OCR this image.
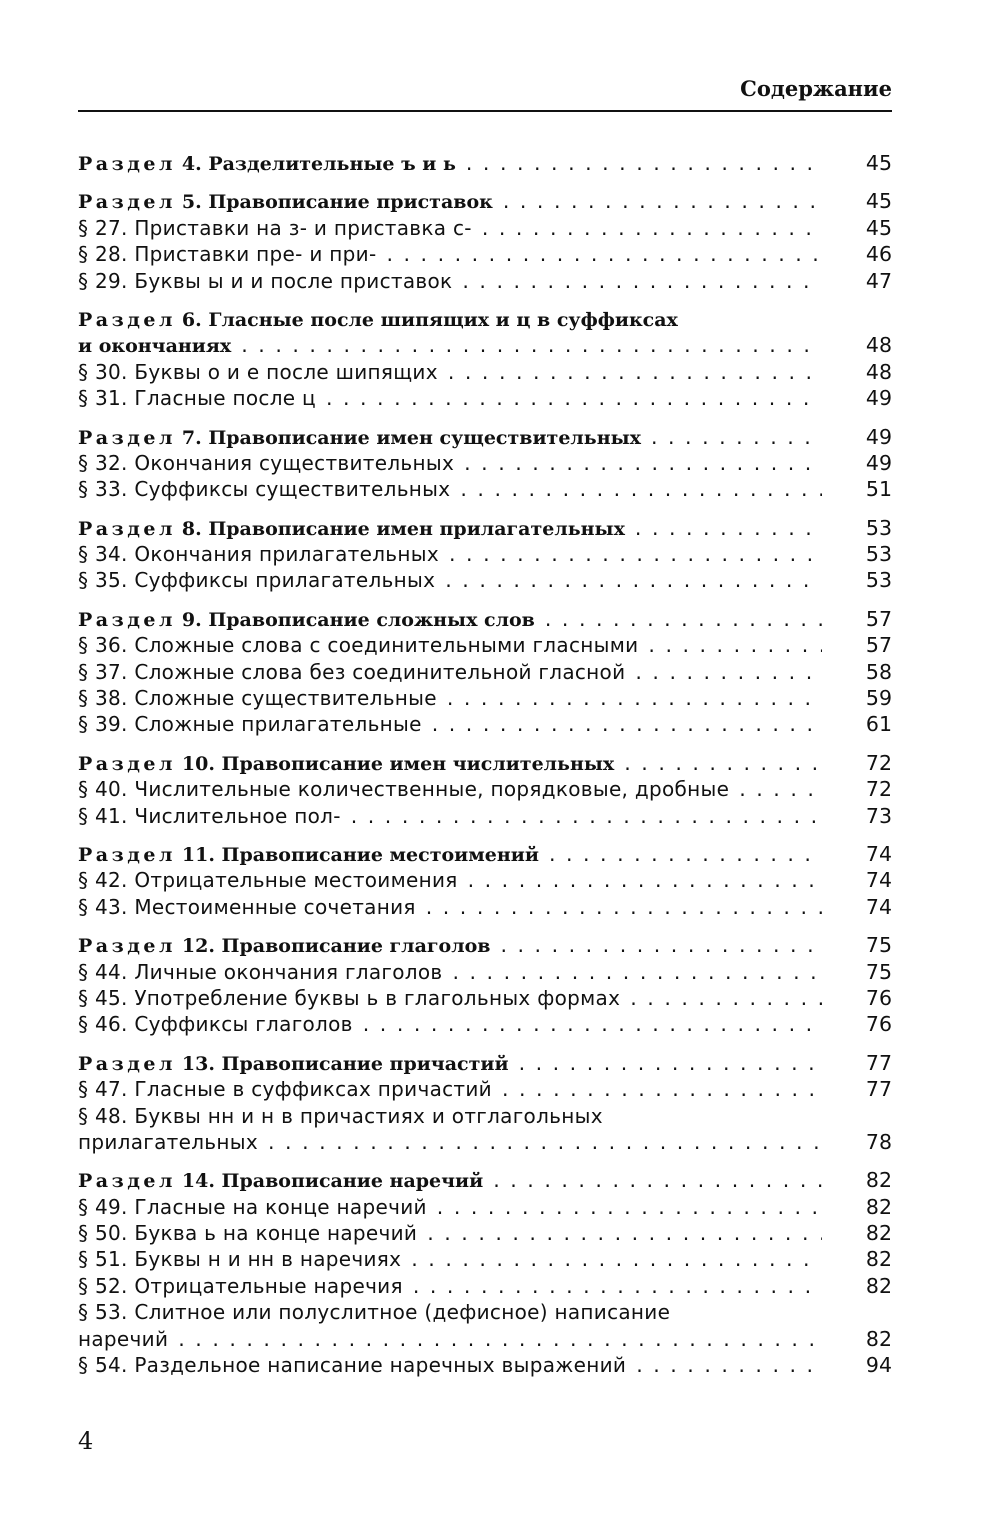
Содержание
Раздел 4. Разделительные ъ и ь . . .	45
Раздел 5. Правописание приставок . . .	45
§ 27. Приставки на з- и приставка с- . . .	45
§ 28. Приставки пре- и при- . . .	46
§ 29. Буквы ы и и после приставок . . .	47
Раздел 6. Гласные после шипящих и ц в суффиксах
и окончаниях . . .	48
§ 30. Буквы о и е после шипящих . . .	48
§ 31. Гласные после ц . . .	49
Раздел 7. Правописание имен существительных . . .	49
§ 32. Окончания существительных . . .	49
§ 33. Суффиксы существительных . . .	51
Раздел 8. Правописание имен прилагательных . . .	53
§ 34. Окончания прилагательных . . .	53
§ 35. Суффиксы прилагательных . . .	53
Раздел 9. Правописание сложных слов . . .	57
§ 36. Сложные слова с соединительными гласными . . .	57
§ 37. Сложные слова без соединительной гласной . . .	58
§ 38. Сложные существительные . . .	59
§ 39. Сложные прилагательные . . .	61
Раздел 10. Правописание имен числительных . . .	72
§ 40. Числительные количественные, порядковые, дробные . . .	72
§ 41. Числительное пол- . . .	73
Раздел 11. Правописание местоимений . . .	74
§ 42. Отрицательные местоимения . . .	74
§ 43. Местоименные сочетания . . .	74
Раздел 12. Правописание глаголов . . .	75
§ 44. Личные окончания глаголов . . .	75
§ 45. Употребление буквы ь в глагольных формах . . .	76
§ 46. Суффиксы глаголов . . .	76
Раздел 13. Правописание причастий . . .	77
§ 47. Гласные в суффиксах причастий . . .	77
§ 48. Буквы нн и н в причастиях и отглагольных
прилагательных . . .	78
Раздел 14. Правописание наречий . . .	82
§ 49. Гласные на конце наречий . . .	82
§ 50. Буква ь на конце наречий . . .	82
§ 51. Буквы н и нн в наречиях . . .	82
§ 52. Отрицательные наречия . . .	82
§ 53. Слитное или полуслитное (дефисное) написание
наречий . . .	82
§ 54. Раздельное написание наречных выражений . . .	94
4
